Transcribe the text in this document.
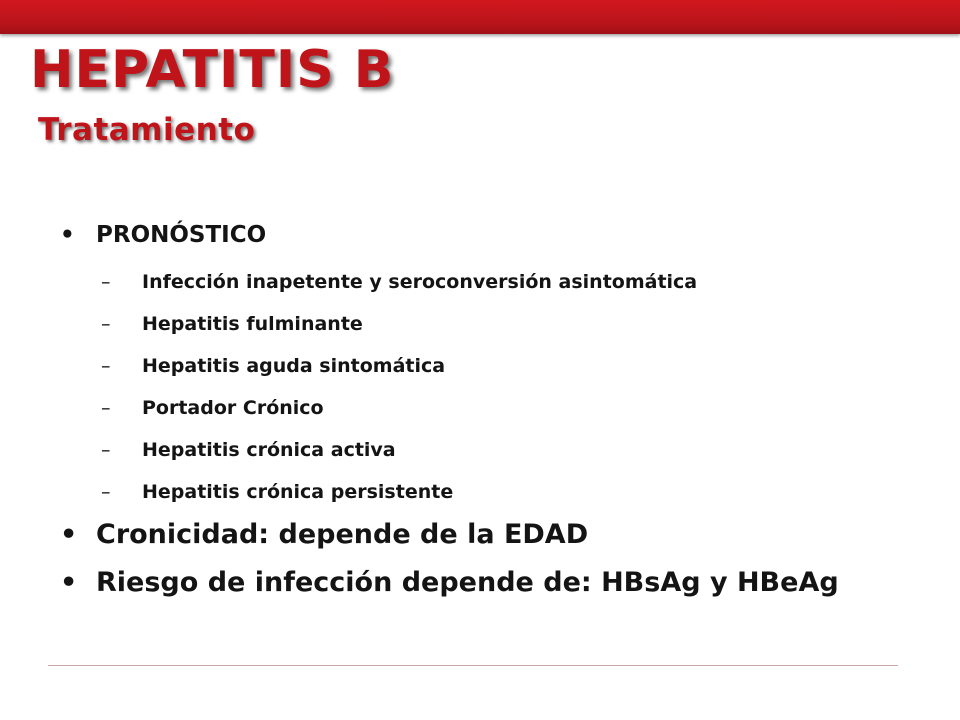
HEPATITIS B
Tratamiento
• PRONÓSTICO
– Infección inapetente y seroconversión asintomática
– Hepatitis fulminante
– Hepatitis aguda sintomática
– Portador Crónico
– Hepatitis crónica activa
– Hepatitis crónica persistente
• Cronicidad: depende de la EDAD
• Riesgo de infección depende de: HBsAg y HBeAg
